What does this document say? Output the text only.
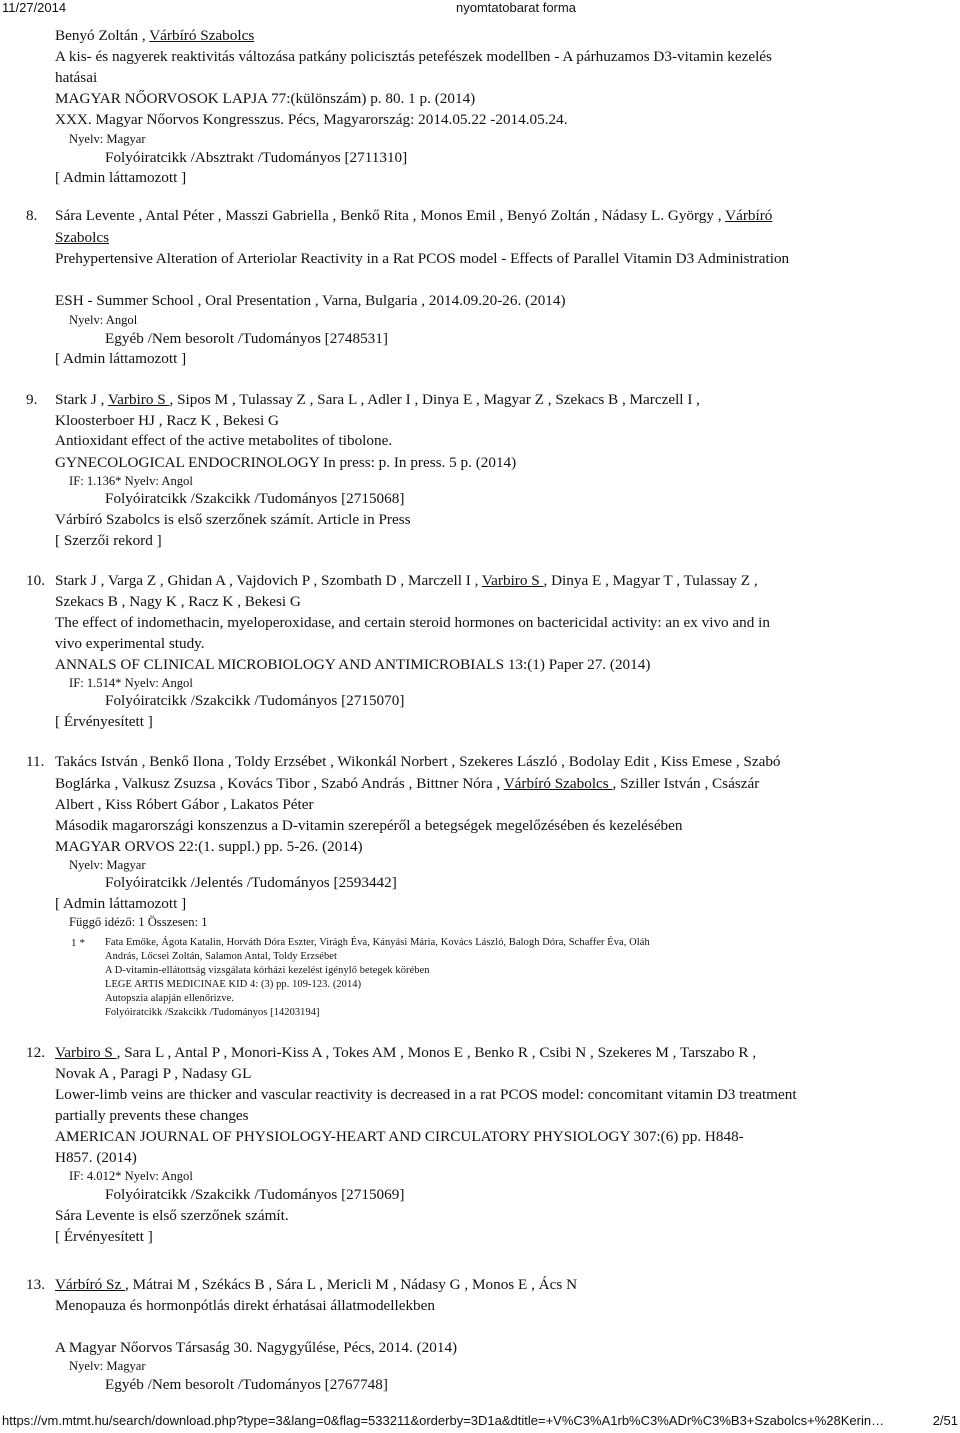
11/27/2014	nyomtatobarat forma
Benyó Zoltán , Várbíró Szabolcs
A kis- és nagyerek reaktivitás változása patkány policisztás petefészek modellben - A párhuzamos D3-vitamin kezelés
hatásai
MAGYAR NŐORVOSOK LAPJA 77:(különszám) p. 80. 1 p. (2014)
XXX. Magyar Nőorvos Kongresszus. Pécs, Magyarország: 2014.05.22 -2014.05.24.
Nyelv: Magyar
Folyóiratcikk /Absztrakt /Tudományos [2711310]
[ Admin láttamozott ]
8. Sára Levente , Antal Péter , Masszi Gabriella , Benkő Rita , Monos Emil , Benyó Zoltán , Nádasy L. György , Várbíró
Szabolcs
Prehypertensive Alteration of Arteriolar Reactivity in a Rat PCOS model - Effects of Parallel Vitamin D3 Administration
ESH - Summer School , Oral Presentation , Varna, Bulgaria , 2014.09.20-26. (2014)
Nyelv: Angol
Egyéb /Nem besorolt /Tudományos [2748531]
[ Admin láttamozott ]
9. Stark J , Varbiro S , Sipos M , Tulassay Z , Sara L , Adler I , Dinya E , Magyar Z , Szekacs B , Marczell I ,
Kloosterboer HJ , Racz K , Bekesi G
Antioxidant effect of the active metabolites of tibolone.
GYNECOLOGICAL ENDOCRINOLOGY In press: p. In press. 5 p. (2014)
IF: 1.136* Nyelv: Angol
Folyóiratcikk /Szakcikk /Tudományos [2715068]
Várbíró Szabolcs is első szerzőnek számít. Article in Press
[ Szerzői rekord ]
10. Stark J , Varga Z , Ghidan A , Vajdovich P , Szombath D , Marczell I , Varbiro S , Dinya E , Magyar T , Tulassay Z ,
Szekacs B , Nagy K , Racz K , Bekesi G
The effect of indomethacin, myeloperoxidase, and certain steroid hormones on bactericidal activity: an ex vivo and in
vivo experimental study.
ANNALS OF CLINICAL MICROBIOLOGY AND ANTIMICROBIALS 13:(1) Paper 27. (2014)
IF: 1.514* Nyelv: Angol
Folyóiratcikk /Szakcikk /Tudományos [2715070]
[ Érvényesített ]
11. Takács István , Benkő Ilona , Toldy Erzsébet , Wikonkál Norbert , Szekeres László , Bodolay Edit , Kiss Emese , Szabó
Boglárka , Valkusz Zsuzsa , Kovács Tibor , Szabó András , Bittner Nóra , Várbíró Szabolcs , Sziller István , Császár
Albert , Kiss Róbert Gábor , Lakatos Péter
Második magarországi konszenzus a D-vitamin szerepéről a betegségek megelőzésében és kezelésében
MAGYAR ORVOS 22:(1. suppl.) pp. 5-26. (2014)
Nyelv: Magyar
Folyóiratcikk /Jelentés /Tudományos [2593442]
[ Admin láttamozott ]
Függő idéző: 1 Összesen: 1
1 * Fata Emőke, Ágota Katalin, Horváth Dóra Eszter, Virágh Éva, Kányási Mária, Kovács László, Balogh Dóra, Schaffer Éva, Oláh
András, Lőcsei Zoltán, Salamon Antal, Toldy Erzsébet
A D-vitamin-ellátottság vizsgálata kórházi kezelést igénylő betegek körében
LEGE ARTIS MEDICINAE KID 4: (3) pp. 109-123. (2014)
Autopszia alapján ellenőrizve.
Folyóiratcikk /Szakcikk /Tudományos [14203194]
12. Varbiro S , Sara L , Antal P , Monori-Kiss A , Tokes AM , Monos E , Benko R , Csibi N , Szekeres M , Tarszabo R ,
Novak A , Paragi P , Nadasy GL
Lower-limb veins are thicker and vascular reactivity is decreased in a rat PCOS model: concomitant vitamin D3 treatment
partially prevents these changes
AMERICAN JOURNAL OF PHYSIOLOGY-HEART AND CIRCULATORY PHYSIOLOGY 307:(6) pp. H848-
H857. (2014)
IF: 4.012* Nyelv: Angol
Folyóiratcikk /Szakcikk /Tudományos [2715069]
Sára Levente is első szerzőnek számít.
[ Érvényesített ]
13. Várbíró Sz , Mátrai M , Székács B , Sára L , Mericli M , Nádasy G , Monos E , Ács N
Menopauza és hormonpótlás direkt érhatásai állatmodellekben
A Magyar Nőorvos Társaság 30. Nagygyűlése, Pécs, 2014. (2014)
Nyelv: Magyar
Egyéb /Nem besorolt /Tudományos [2767748]
https://vm.mtmt.hu/search/download.php?type=3&lang=0&flag=533211&orderby=3D1a&dtitle=+V%C3%A1rb%C3%ADr%C3%B3+Szabolcs+%28Kerin…	2/51
